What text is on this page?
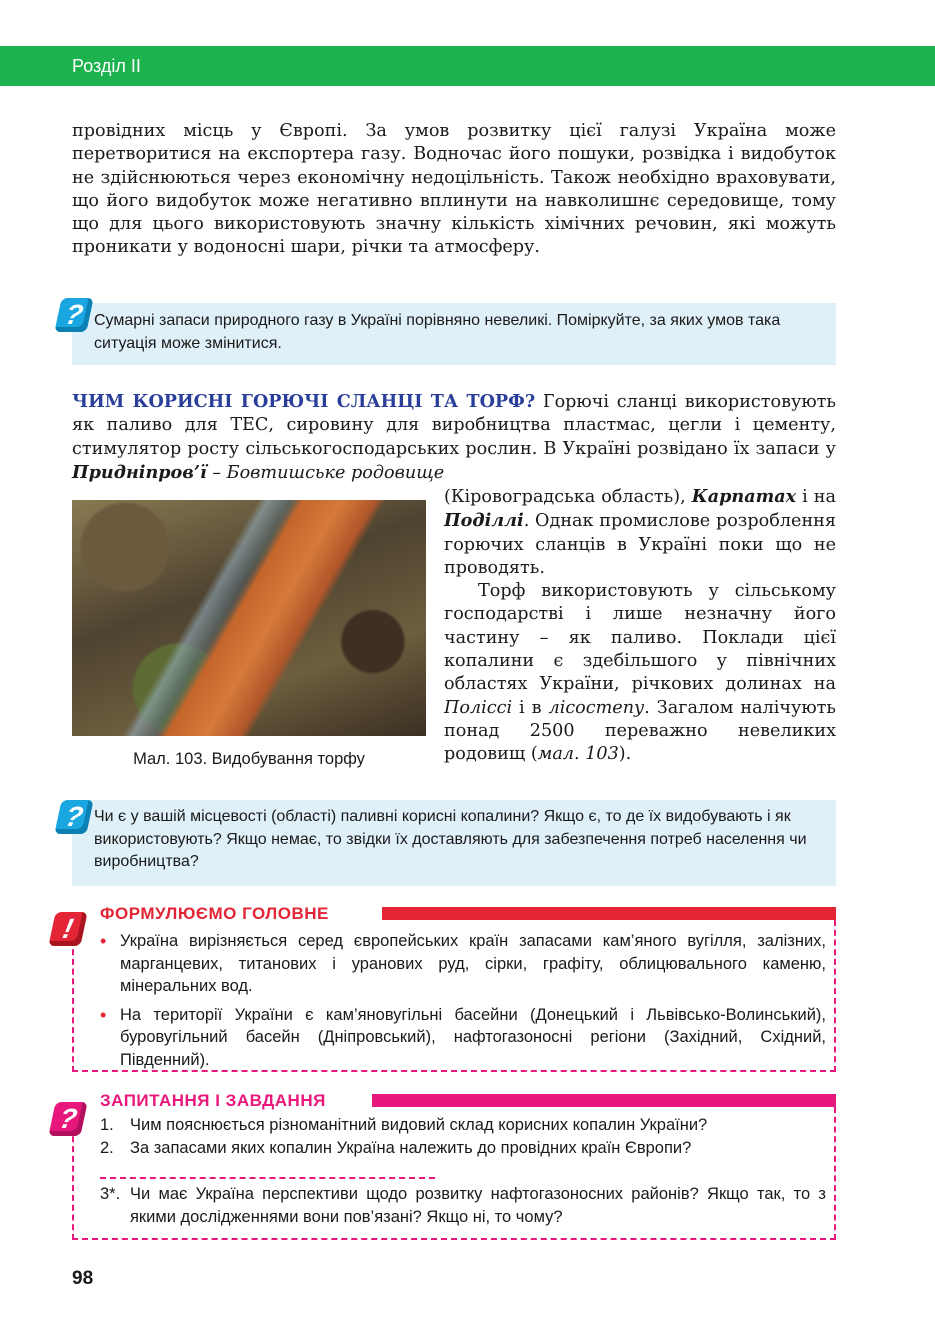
Розділ II
провідних місць у Європі. За умов розвитку цієї галузі Україна може перетворитися на експортера газу. Водночас його пошуки, розвідка і видобуток не здійснюються через економічну недоцільність. Також необхідно враховувати, що його видобуток може негативно вплинути на навколишнє середовище, тому що для цього використовують значну кількість хімічних речовин, які можуть проникати у водоносні шари, річки та атмосферу.
Сумарні запаси природного газу в Україні порівняно невеликі. Поміркуйте, за яких умов така ситуація може змінитися.
?
ЧИМ КОРИСНІ ГОРЮЧІ СЛАНЦІ ТА ТОРФ? Горючі сланці використовують як паливо для ТЕС, сировину для виробництва пластмас, цегли і цементу, стимулятор росту сільськогосподарських рослин. В Україні розвідано їх запаси у Придніпров’ї – Бовтишське родовище
Мал. 103. Видобування торфу
(Кіровоградська область), Карпатах і на Поділлі. Однак промислове розроблення горючих сланців в Україні поки що не проводять.
Торф використовують у сільському господарстві і лише незначну його частину – як паливо. Поклади цієї копалини є здебільшого у північних областях України, річкових долинах на Поліссі і в лісостепу. Загалом налічують понад 2500 переважно невеликих родовищ (мал. 103).
Чи є у вашій місцевості (області) паливні корисні копалини? Якщо є, то де їх видобувають і як використовують? Якщо немає, то звідки їх доставляють для забезпечення потреб населення чи виробництва?
?
ФОРМУЛЮЄМО ГОЛОВНЕ
!
•	Україна вирізняється серед європейських країн запасами кам’яного вугілля, залізних, марганцевих, титанових і уранових руд, сірки, графіту, облицювального каменю, мінеральних вод.
• На території України є кам’яновугільні басейни (Донецький і Львівсько-Волинський), буровугільний басейн (Дніпровський), нафтогазоносні регіони (Західний, Східний, Південний).
ЗАПИТАННЯ І ЗАВДАННЯ
?	1. Чим пояснюється різноманітний видовий склад корисних копалин України?
2. За запасами яких копалин Україна належить до провідних країн Європи?
3*. Чи має Україна перспективи щодо розвитку нафтогазоносних районів? Якщо так, то з якими дослідженнями вони пов’язані? Якщо ні, то чому?
98
